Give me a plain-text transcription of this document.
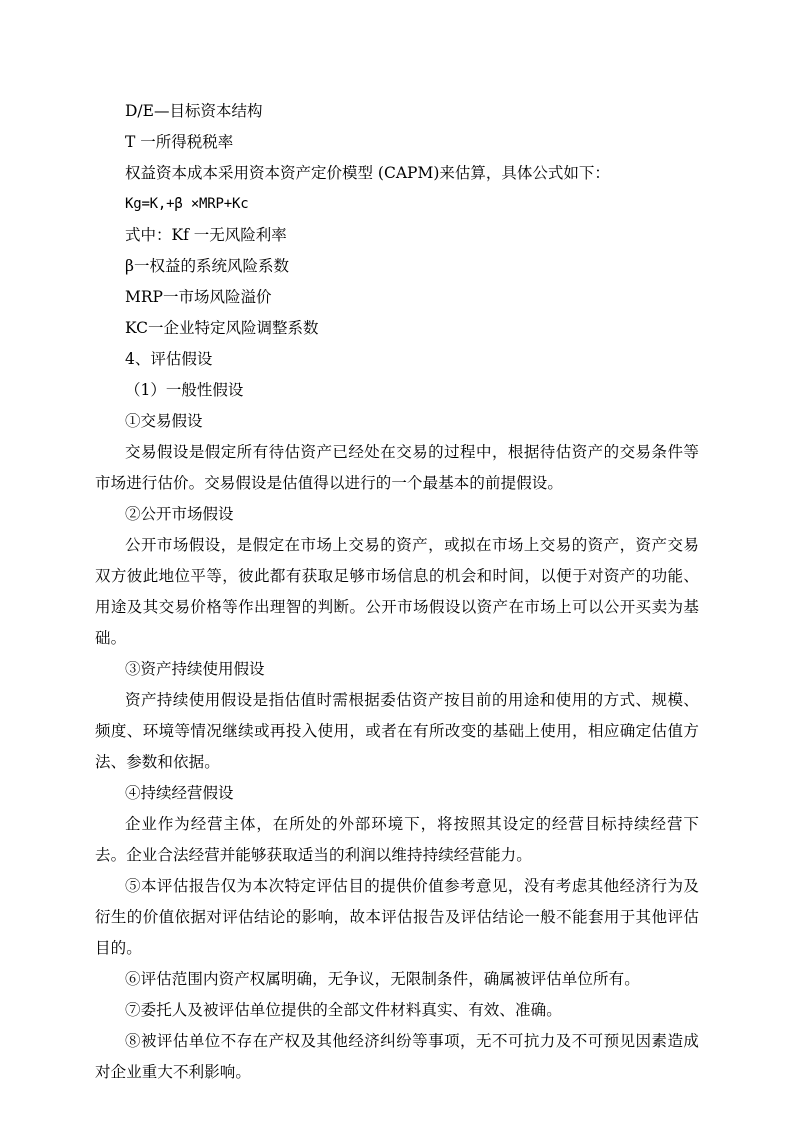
D/E—目标资本结构
T 一所得税税率
权益资本成本采用资本资产定价模型 (CAPM)来估算，具体公式如下：
Kg=K,+β ×MRP+Kc
式中：Kf 一无风险利率
β一权益的系统风险系数
MRP一市场风险溢价
KC一企业特定风险调整系数
4、评估假设
（1）一般性假设
①交易假设

交易假设是假定所有待估资产已经处在交易的过程中，根据待估资产的交易条件等市场进行估价。交易假设是估值得以进行的一个最基本的前提假设。

②公开市场假设

公开市场假设，是假定在市场上交易的资产，或拟在市场上交易的资产，资产交易双方彼此地位平等，彼此都有获取足够市场信息的机会和时间，以便于对资产的功能、用途及其交易价格等作出理智的判断。公开市场假设以资产在市场上可以公开买卖为基础。

③资产持续使用假设

资产持续使用假设是指估值时需根据委估资产按目前的用途和使用的方式、规模、频度、环境等情况继续或再投入使用，或者在有所改变的基础上使用，相应确定估值方法、参数和依据。

④持续经营假设

企业作为经营主体，在所处的外部环境下，将按照其设定的经营目标持续经营下去。企业合法经营并能够获取适当的利润以维持持续经营能力。

⑤本评估报告仅为本次特定评估目的提供价值参考意见，没有考虑其他经济行为及衍生的价值依据对评估结论的影响，故本评估报告及评估结论一般不能套用于其他评估目的。

⑥评估范围内资产权属明确，无争议，无限制条件，确属被评估单位所有。

⑦委托人及被评估单位提供的全部文件材料真实、有效、准确。

⑧被评估单位不存在产权及其他经济纠纷等事项，无不可抗力及不可预见因素造成对企业重大不利影响。
